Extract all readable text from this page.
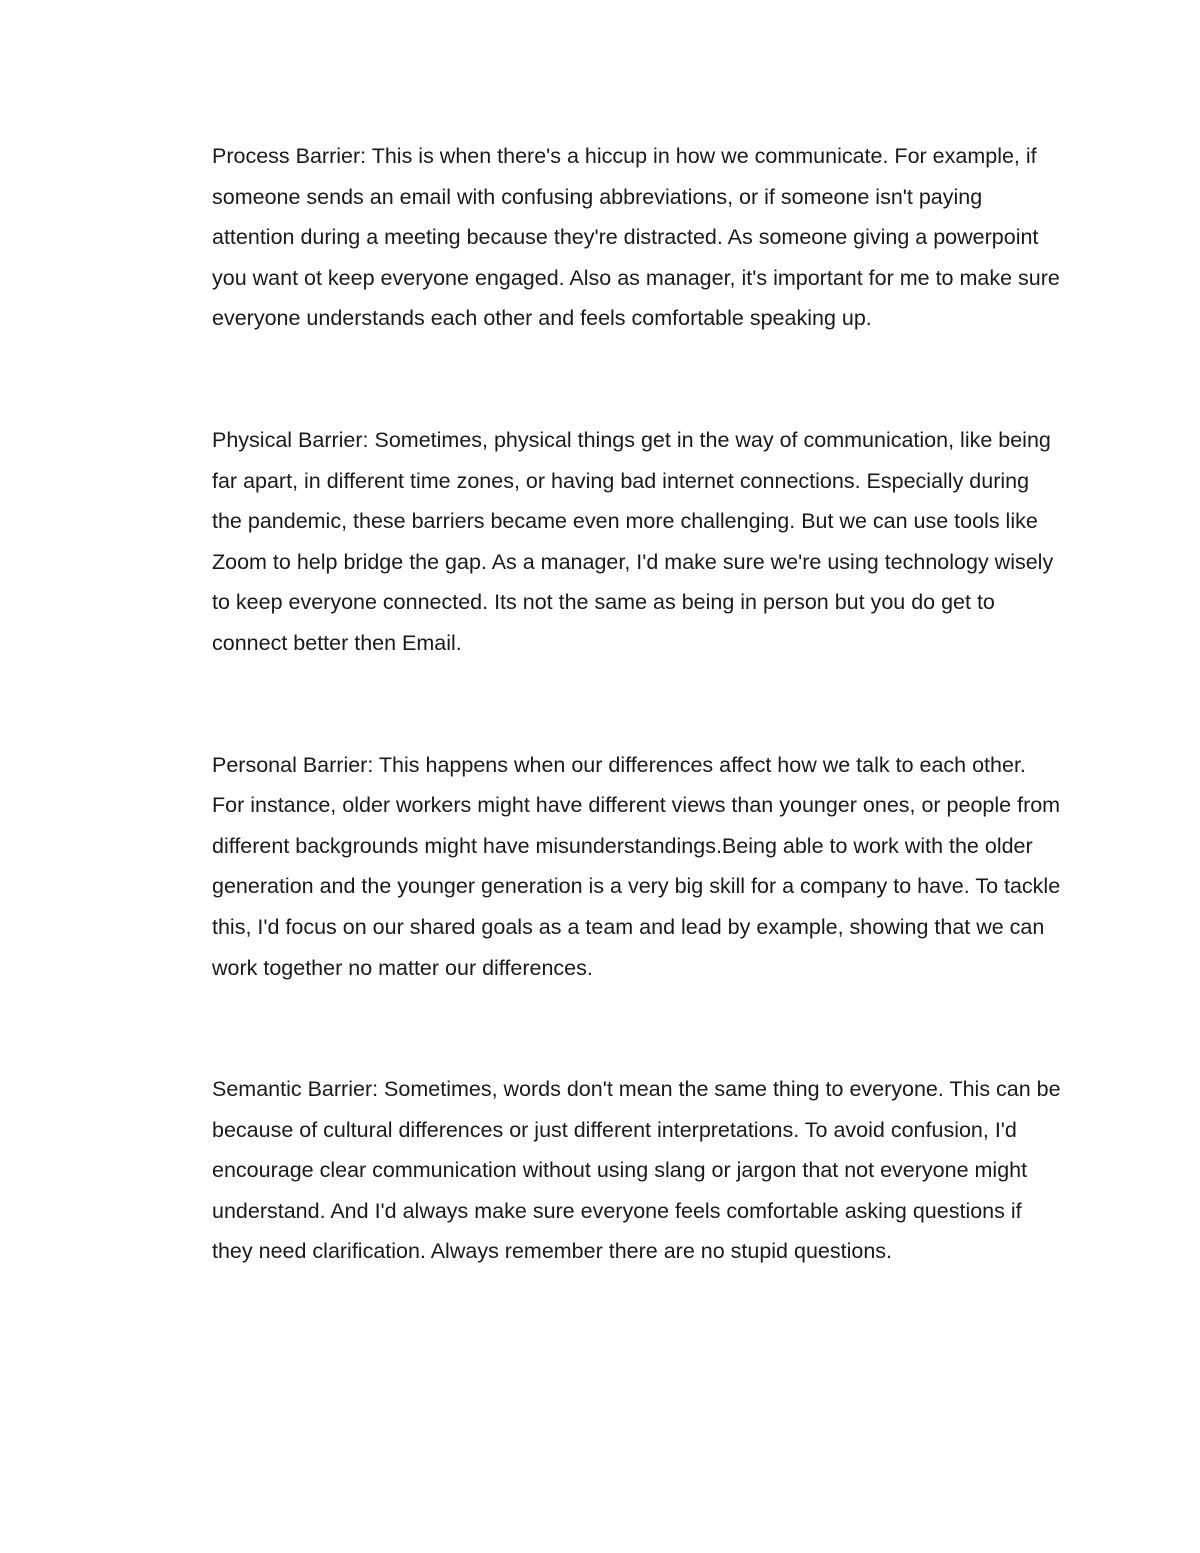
Process Barrier: This is when there's a hiccup in how we communicate. For example, if someone sends an email with confusing abbreviations, or if someone isn't paying attention during a meeting because they're distracted. As someone giving a powerpoint you want ot keep everyone engaged. Also as manager, it's important for me to make sure everyone understands each other and feels comfortable speaking up.

Physical Barrier: Sometimes, physical things get in the way of communication, like being far apart, in different time zones, or having bad internet connections. Especially during the pandemic, these barriers became even more challenging. But we can use tools like Zoom to help bridge the gap. As a manager, I'd make sure we're using technology wisely to keep everyone connected. Its not the same as being in person but you do get to connect better then Email.

Personal Barrier: This happens when our differences affect how we talk to each other. For instance, older workers might have different views than younger ones, or people from different backgrounds might have misunderstandings.Being able to work with the older generation and the younger generation is a very big skill for a company to have. To tackle this, I'd focus on our shared goals as a team and lead by example, showing that we can work together no matter our differences.

Semantic Barrier: Sometimes, words don't mean the same thing to everyone. This can be because of cultural differences or just different interpretations. To avoid confusion, I'd encourage clear communication without using slang or jargon that not everyone might understand. And I'd always make sure everyone feels comfortable asking questions if they need clarification. Always remember there are no stupid questions.
